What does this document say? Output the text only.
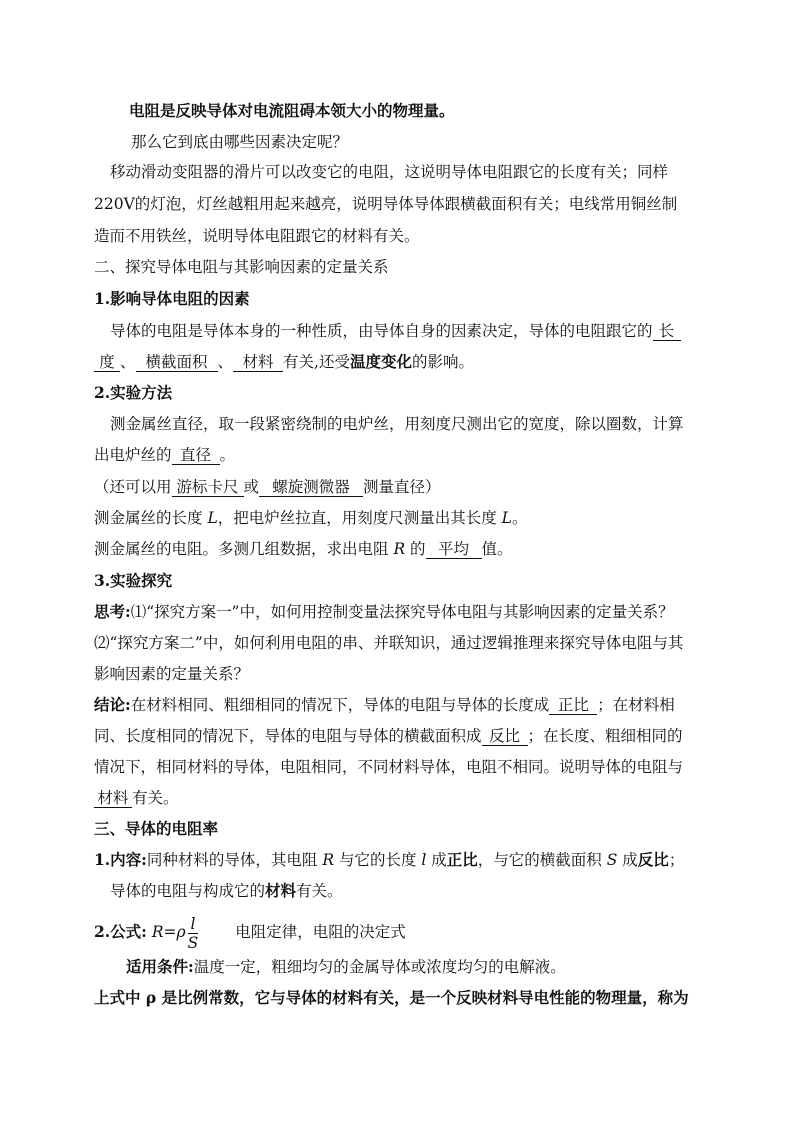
电阻是反映导体对电流阻碍本领大小的物理量。
那么它到底由哪些因素决定呢？
移动滑动变阻器的滑片可以改变它的电阻，这说明导体电阻跟它的长度有关；同样
220V的灯泡，灯丝越粗用起来越亮，说明导体导体跟横截面积有关；电线常用铜丝制
造而不用铁丝，说明导体电阻跟它的材料有关。
二、探究导体电阻与其影响因素的定量关系
1.影响导体电阻的因素
导体的电阻是导体本身的一种性质，由导体自身的因素决定，导体的电阻跟它的 长
度 、 横截面积 、 材料 有关,还受温度变化的影响。
2.实验方法
测金属丝直径，取一段紧密绕制的电炉丝，用刻度尺测出它的宽度，除以圈数，计算
出电炉丝的 直径 。
（还可以用 游标卡尺 或 螺旋测微器 测量直径）
测金属丝的长度 L，把电炉丝拉直，用刻度尺测量出其长度 L。
测金属丝的电阻。多测几组数据，求出电阻 R 的 平均 值。
3.实验探究
思考:⑴“探究方案一”中，如何用控制变量法探究导体电阻与其影响因素的定量关系？
⑵“探究方案二”中，如何利用电阻的串、并联知识，通过逻辑推理来探究导体电阻与其
影响因素的定量关系？
结论:在材料相同、粗细相同的情况下，导体的电阻与导体的长度成 正比 ；在材料相
同、长度相同的情况下，导体的电阻与导体的横截面积成 反比 ；在长度、粗细相同的
情况下，相同材料的导体，电阻相同，不同材料导体，电阻不相同。说明导体的电阻与
材料 有关。
三、导体的电阻率
1.内容:同种材料的导体，其电阻 R 与它的长度 l 成正比，与它的横截面积 S 成反比；
导体的电阻与构成它的材料有关。
2.公式: $R=\rho \frac{l}{S}$ 电阻定律，电阻的决定式
适用条件:温度一定，粗细均匀的金属导体或浓度均匀的电解液。
上式中 ρ 是比例常数，它与导体的材料有关，是一个反映材料导电性能的物理量，称为
